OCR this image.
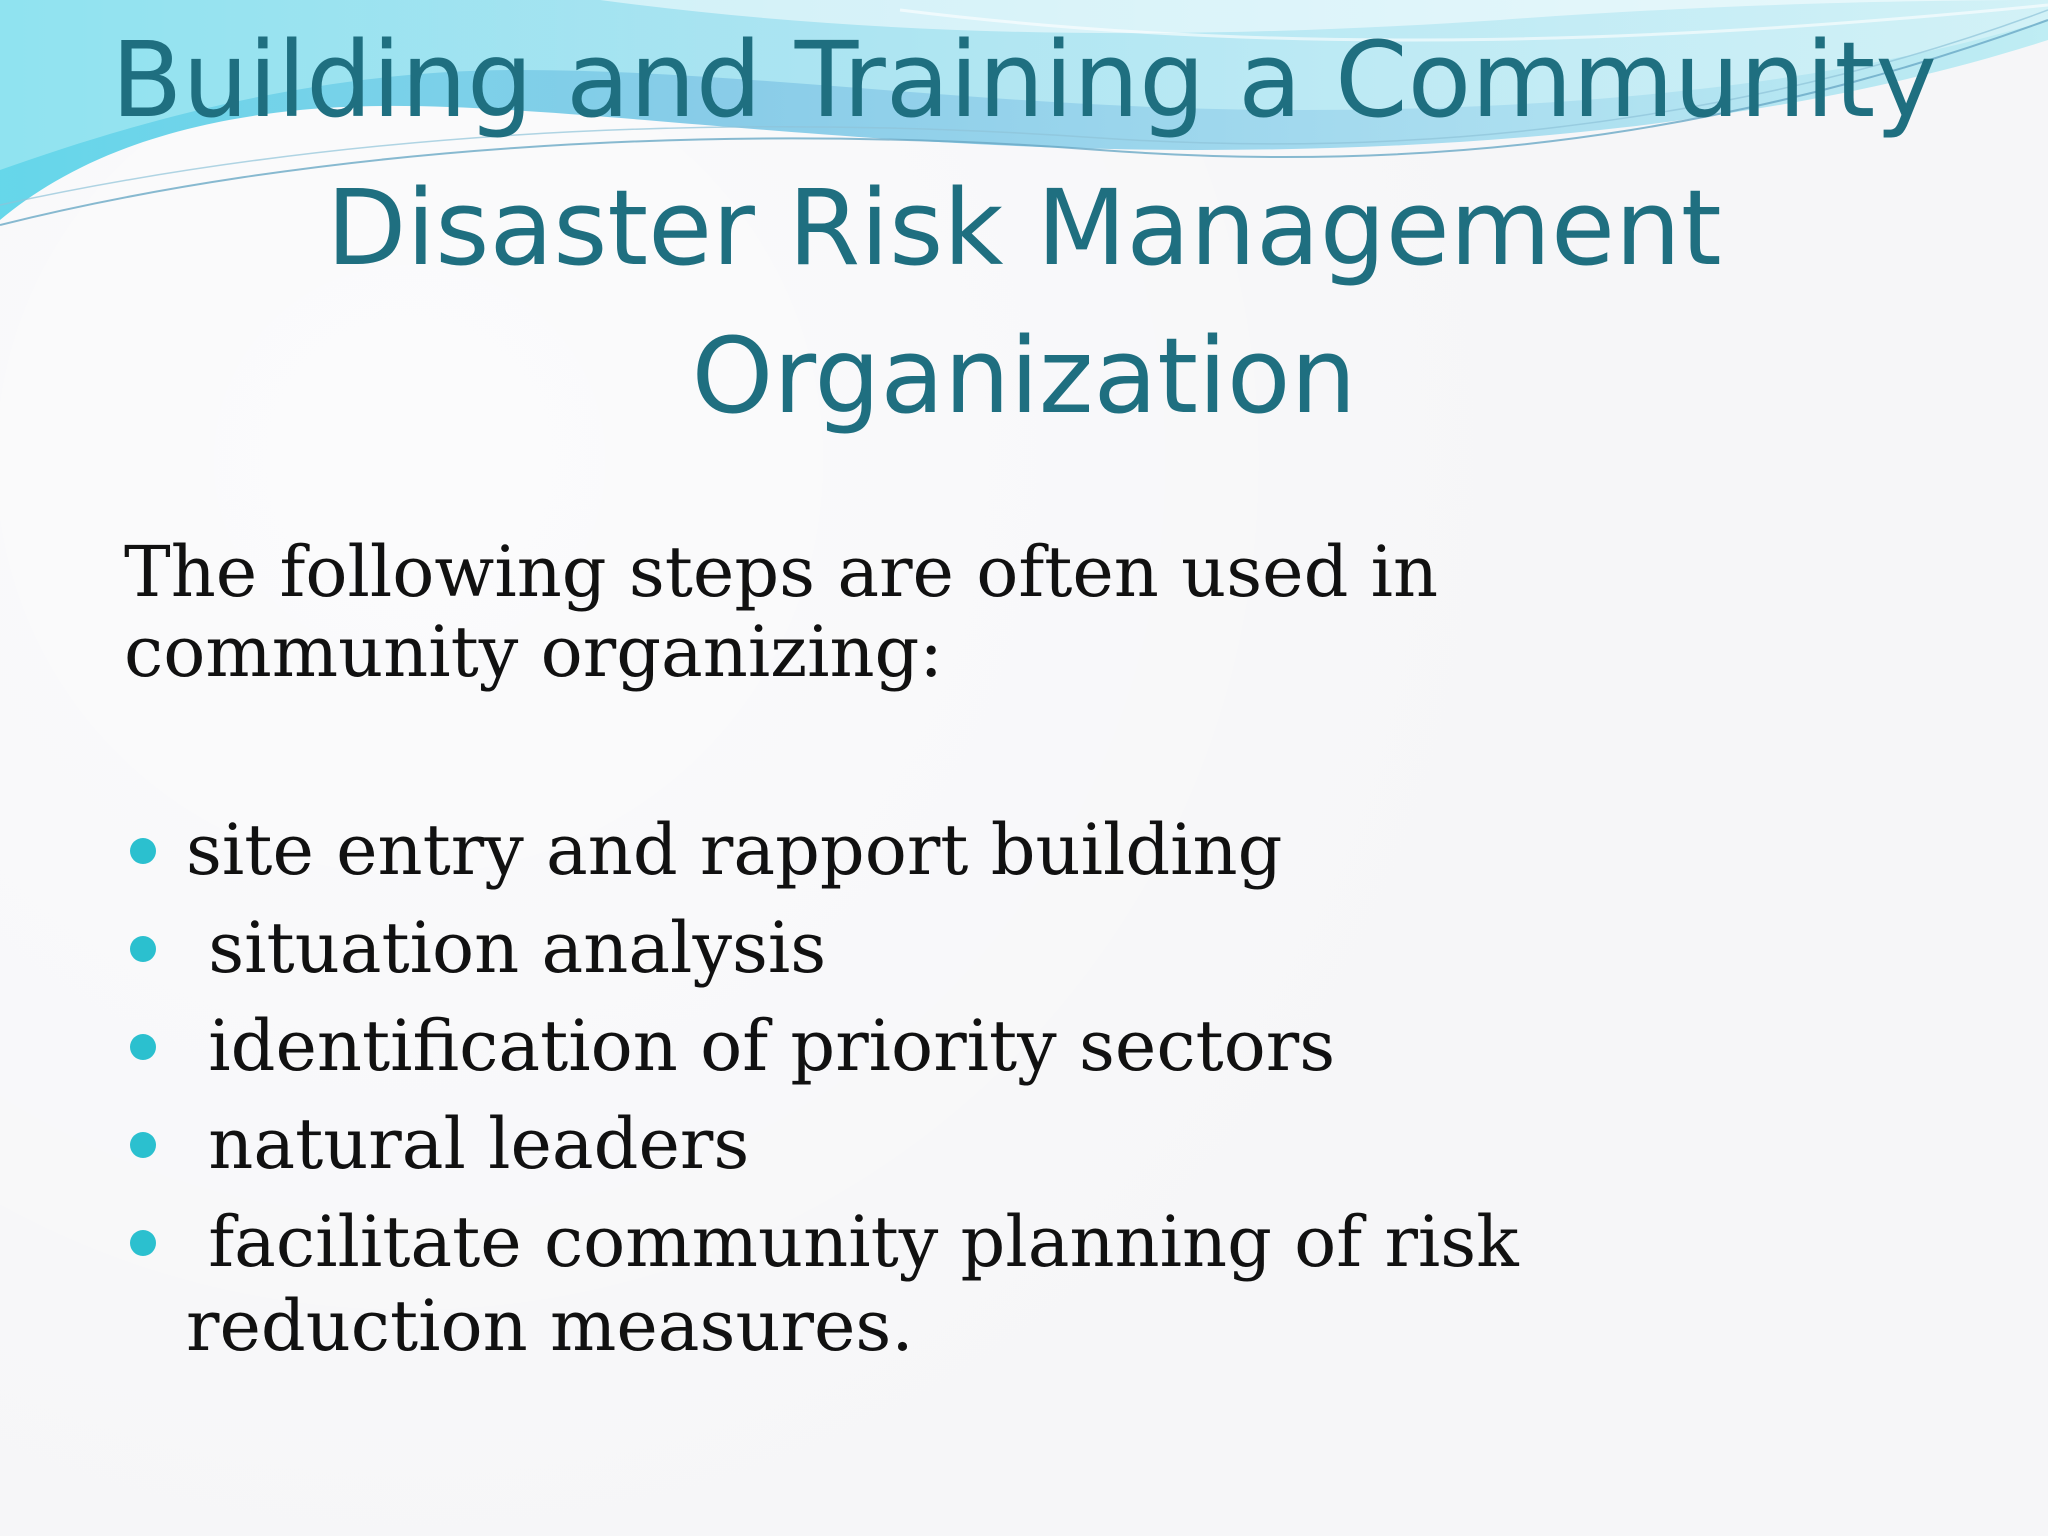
Building and Training a Community
Disaster Risk Management
Organization

The following steps are often used in community organizing:

site entry and rapport building
situation analysis
identification of priority sectors
natural leaders
facilitate community planning of risk reduction measures.
